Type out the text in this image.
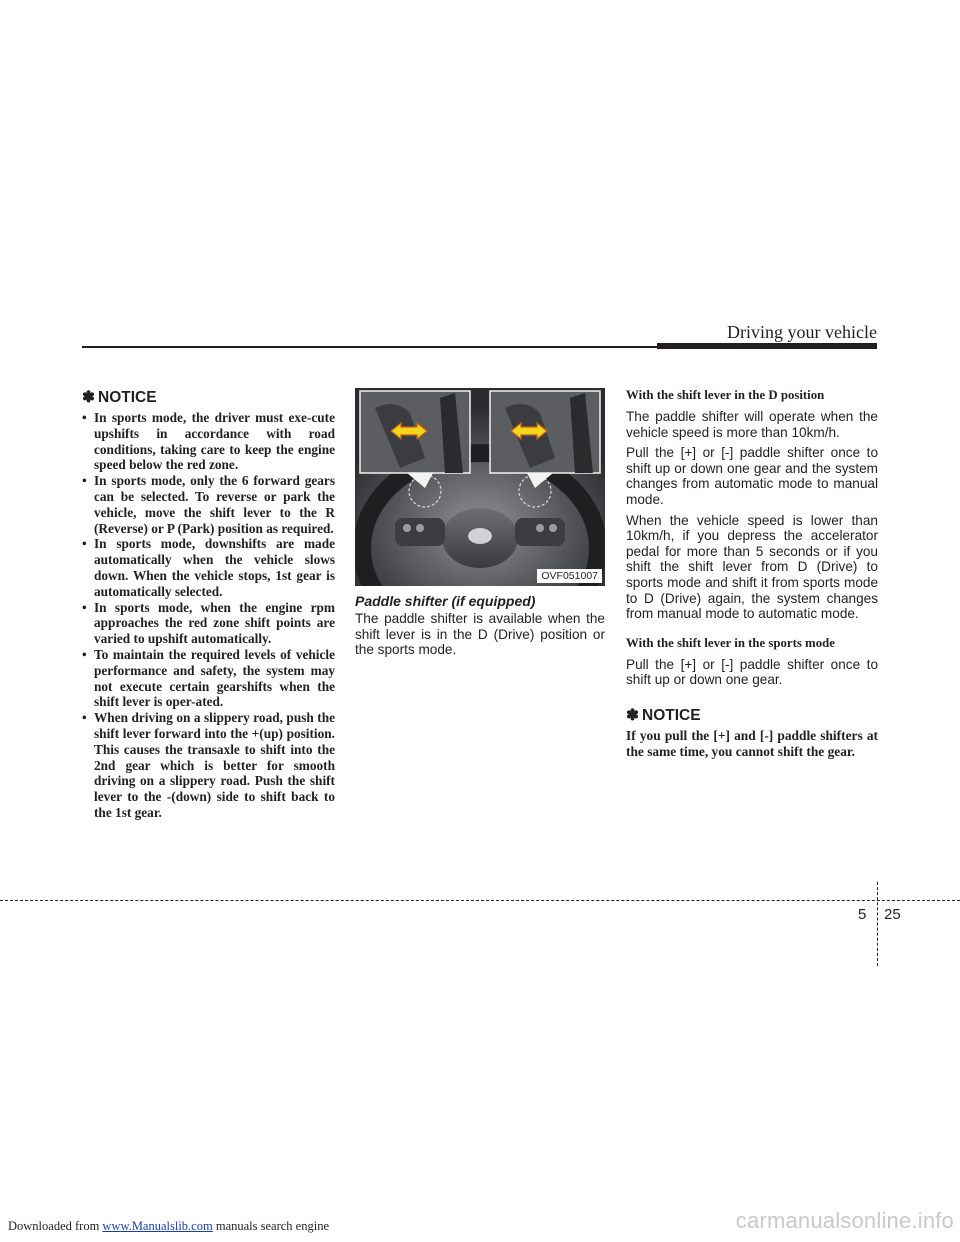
Driving your vehicle
✽ NOTICE
• In sports mode, the driver must exe-cute upshifts in accordance with road conditions, taking care to keep the engine speed below the red zone.
• In sports mode, only the 6 forward gears can be selected. To reverse or park the vehicle, move the shift lever to the R (Reverse) or P (Park) position as required.
• In sports mode, downshifts are made automatically when the vehicle slows down. When the vehicle stops, 1st gear is automatically selected.
• In sports mode, when the engine rpm approaches the red zone shift points are varied to upshift automatically.
• To maintain the required levels of vehicle performance and safety, the system may not execute certain gearshifts when the shift lever is oper-ated.
• When driving on a slippery road, push the shift lever forward into the +(up) position. This causes the transaxle to shift into the 2nd gear which is better for smooth driving on a slippery road. Push the shift lever to the -(down) side to shift back to the 1st gear.
OVF051007
Paddle shifter (if equipped)
The paddle shifter is available when the shift lever is in the D (Drive) position or the sports mode.
With the shift lever in the D position
The paddle shifter will operate when the vehicle speed is more than 10km/h.
Pull the [+] or [-] paddle shifter once to shift up or down one gear and the system changes from automatic mode to manual mode.
When the vehicle speed is lower than 10km/h, if you depress the accelerator pedal for more than 5 seconds or if you shift the shift lever from D (Drive) to sports mode and shift it from sports mode to D (Drive) again, the system changes from manual mode to automatic mode.
With the shift lever in the sports mode
Pull the [+] or [-] paddle shifter once to shift up or down one gear.
✽ NOTICE
If you pull the [+] and [-] paddle shifters at the same time, you cannot shift the gear.
5 25
Downloaded from www.Manualslib.com manuals search engine	carmanualsonline.info
